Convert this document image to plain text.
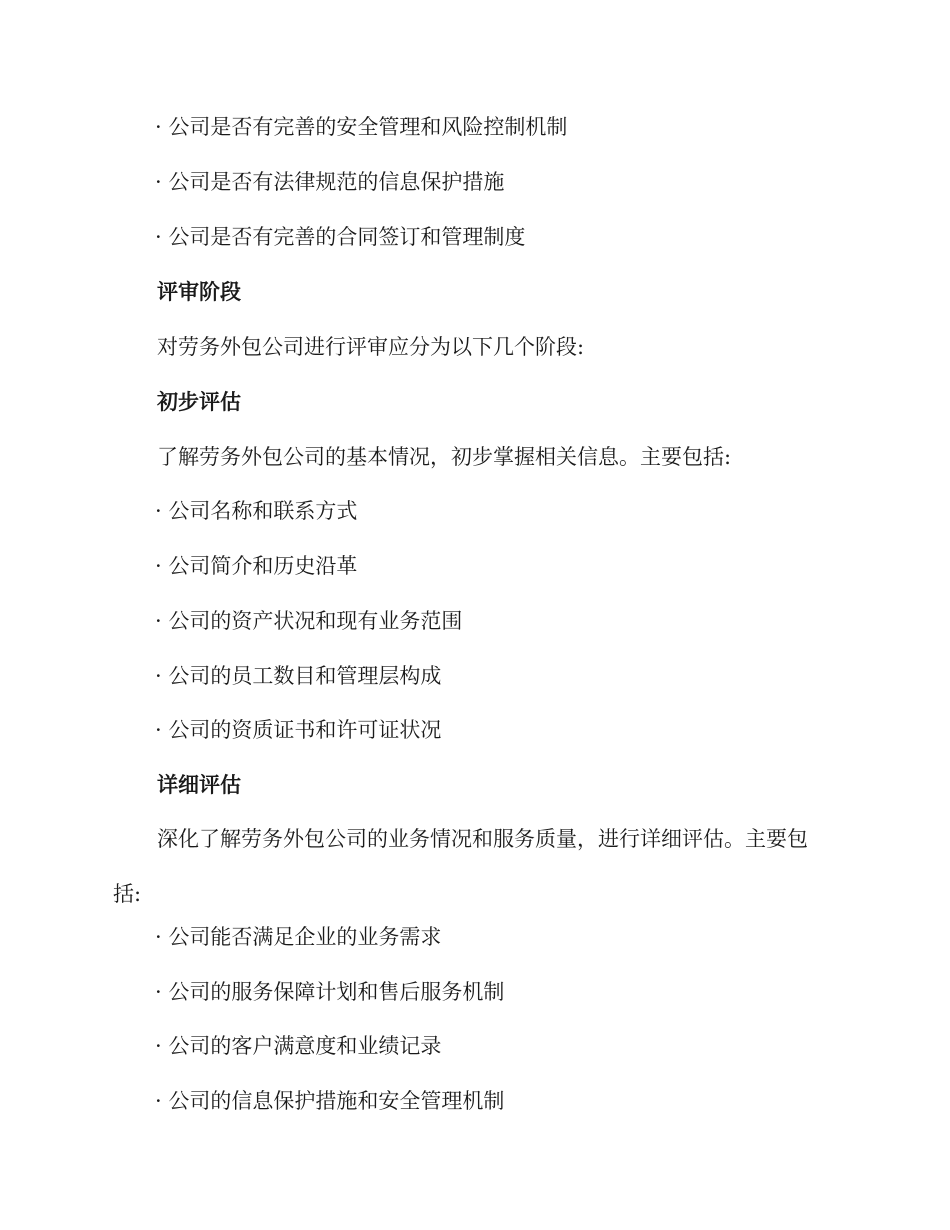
· 公司是否有完善的安全管理和风险控制机制
· 公司是否有法律规范的信息保护措施
· 公司是否有完善的合同签订和管理制度
评审阶段
对劳务外包公司进行评审应分为以下几个阶段:
初步评估
了解劳务外包公司的基本情况，初步掌握相关信息。主要包括:
· 公司名称和联系方式
· 公司简介和历史沿革
· 公司的资产状况和现有业务范围
· 公司的员工数目和管理层构成
· 公司的资质证书和许可证状况
详细评估
深化了解劳务外包公司的业务情况和服务质量，进行详细评估。主要包括:
· 公司能否满足企业的业务需求
· 公司的服务保障计划和售后服务机制
· 公司的客户满意度和业绩记录
· 公司的信息保护措施和安全管理机制
